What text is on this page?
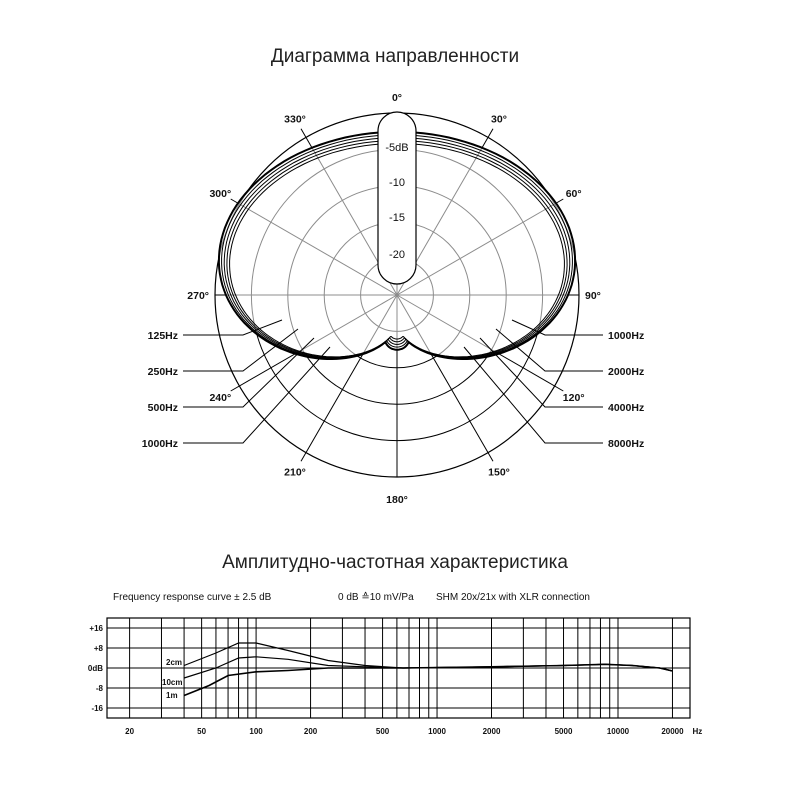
Диаграмма направленности
0°
30°
60°
90°
120°
150°
180°
210°
240°
270°
300°
330°
-5dB
-10
-15
-20
125Hz
250Hz
500Hz
1000Hz
1000Hz
2000Hz
4000Hz
8000Hz
Амплитудно-частотная характеристика
Frequency response curve ± 2.5 dB	0 dB ≙10 mV/Pa SHM 20x/21x with XLR connection
+16
+8
0dB
-8
-16
20	50	100	200	500	1000	2000	5000	10000	20000 Hz
2cm
10cm
1m
